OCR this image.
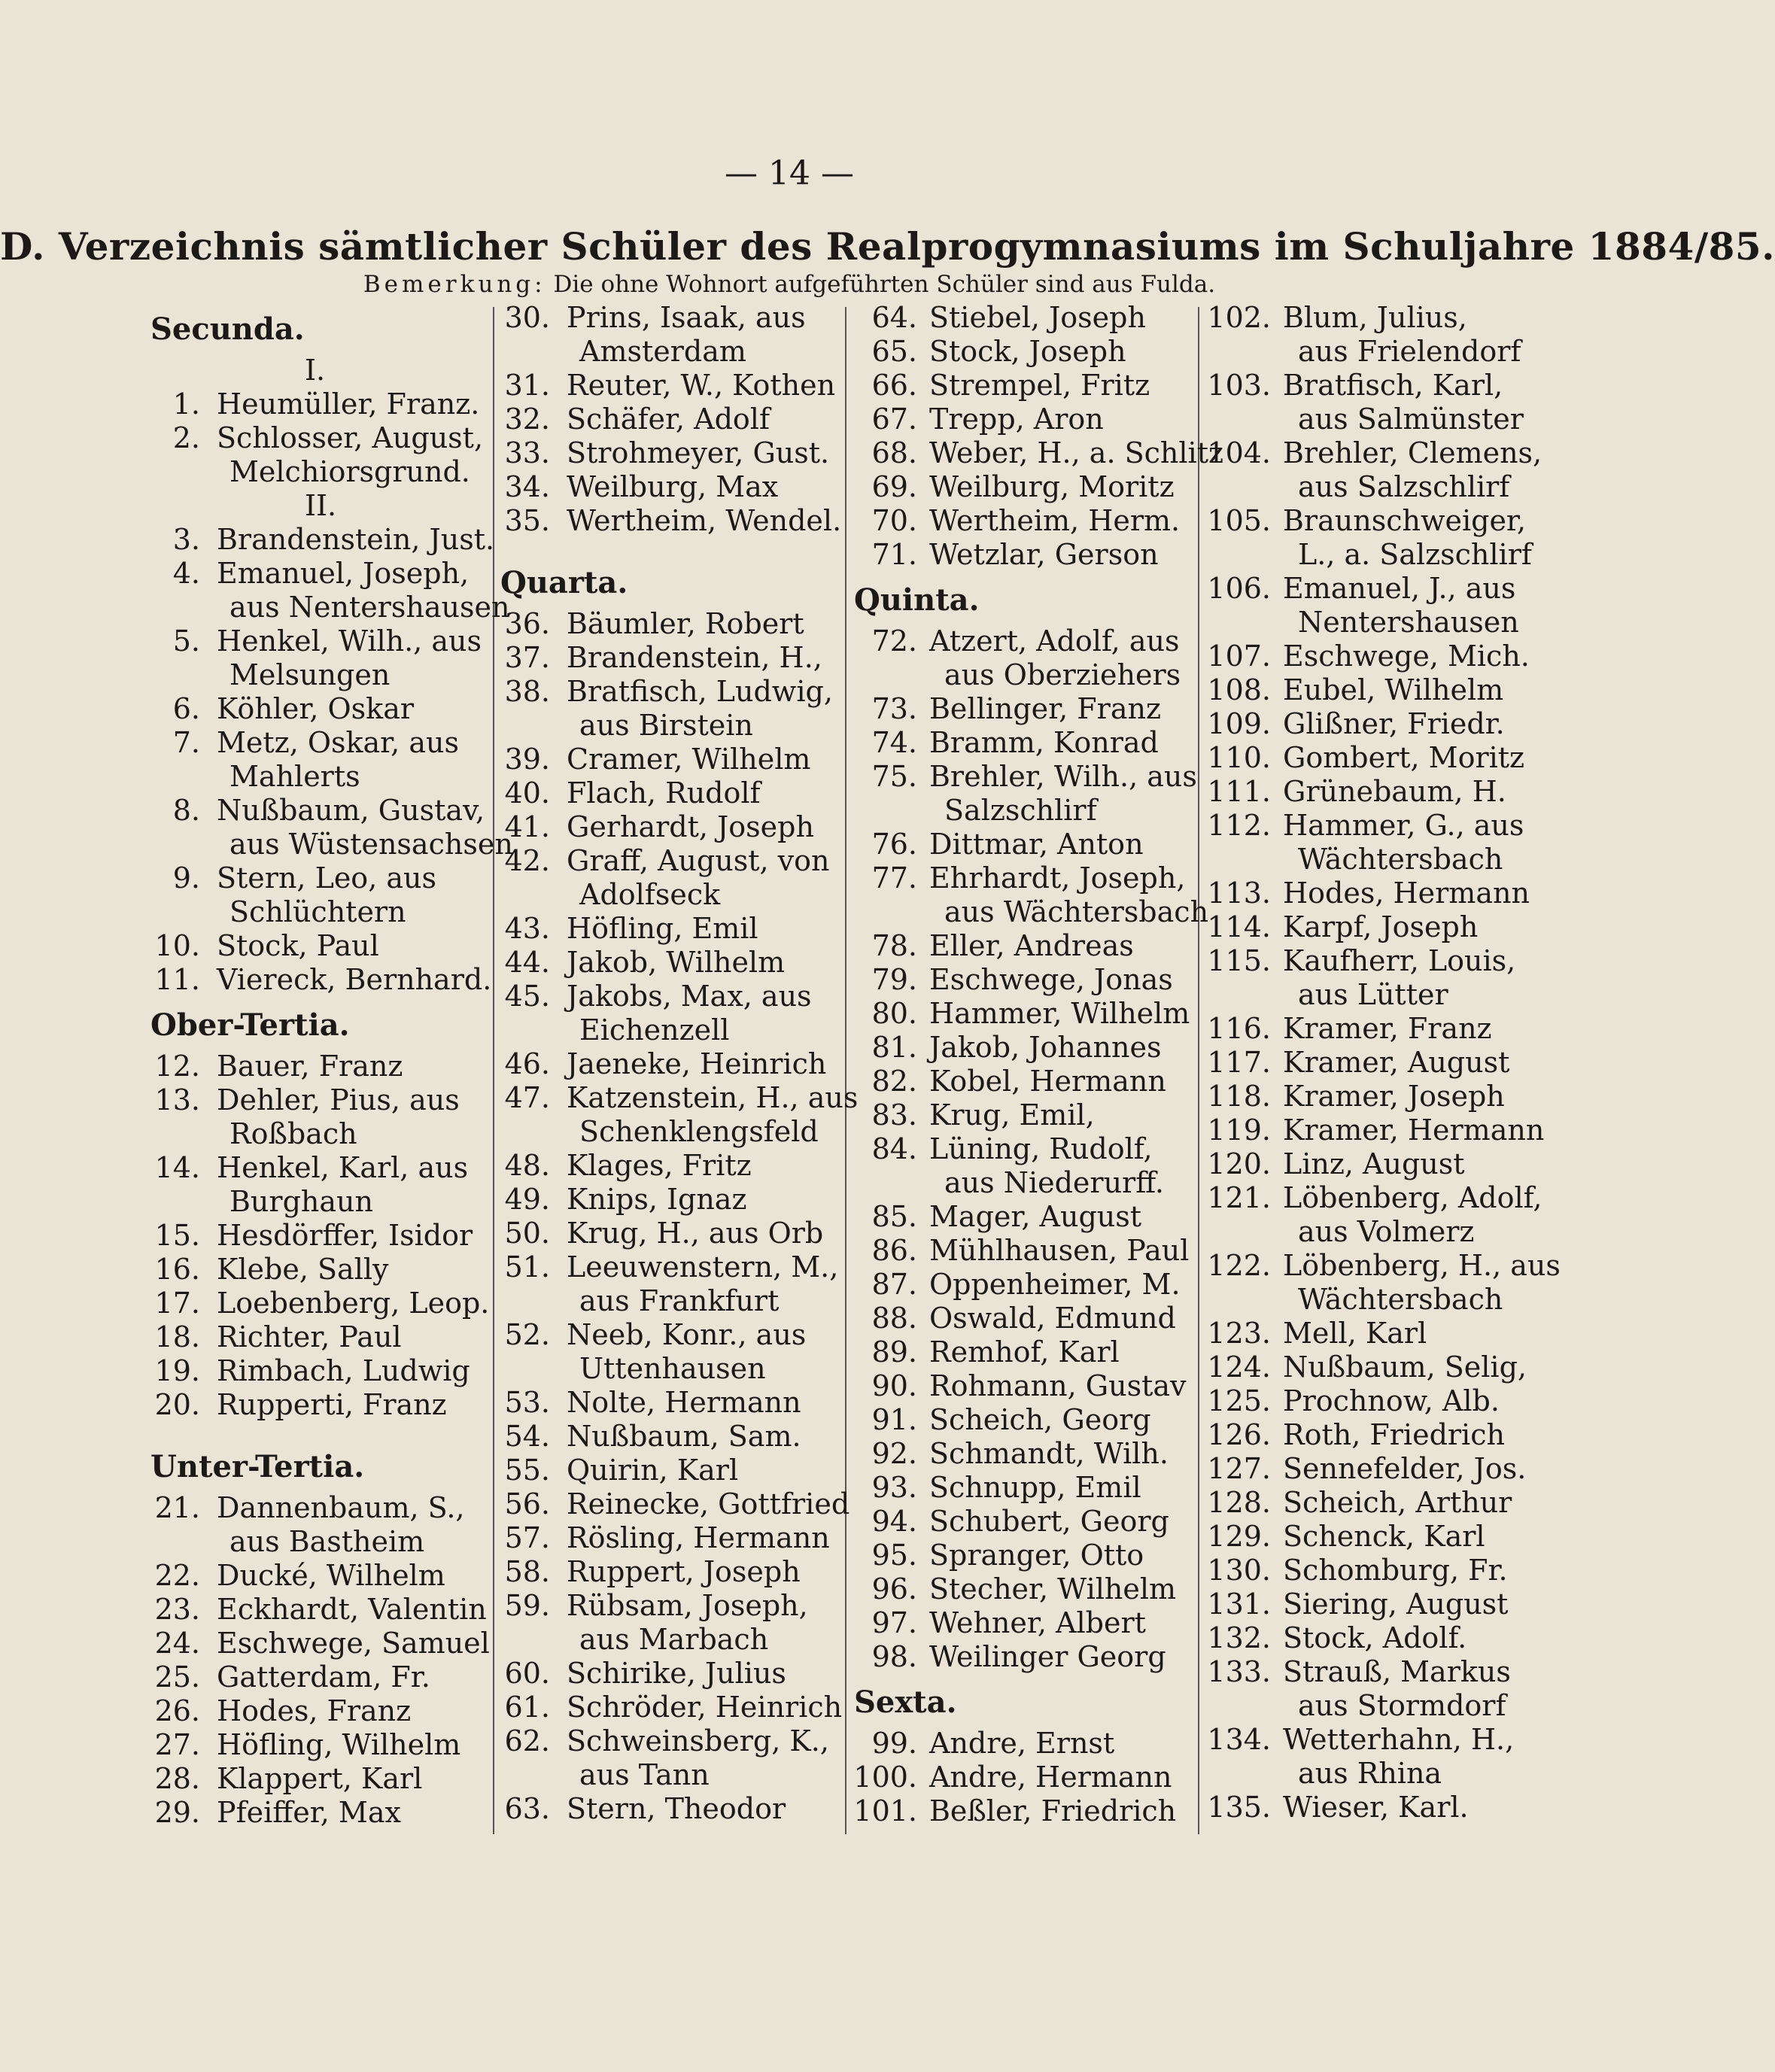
— 14 —
D. Verzeichnis sämtlicher Schüler des Realprogymnasiums im Schuljahre 1884/85.
Bemerkung: Die ohne Wohnort aufgeführten Schüler sind aus Fulda.
Secunda.
I.
1. Heumüller, Franz.
2. Schlosser, August,
Melchiorsgrund.
II.
3. Brandenstein, Just.
4. Emanuel, Joseph,
aus Nentershausen
5. Henkel, Wilh., aus
Melsungen
6. Köhler, Oskar
7. Metz, Oskar, aus
Mahlerts
8. Nußbaum, Gustav,
aus Wüstensachsen
9. Stern, Leo, aus
Schlüchtern
10. Stock, Paul
11. Viereck, Bernhard.
Ober-Tertia.
12. Bauer, Franz
13. Dehler, Pius, aus
Roßbach
14. Henkel, Karl, aus
Burghaun
15. Hesdörffer, Isidor
16. Klebe, Sally
17. Loebenberg, Leop.
18. Richter, Paul
19. Rimbach, Ludwig
20. Rupperti, Franz
Unter-Tertia.
21. Dannenbaum, S.,
aus Bastheim
22. Ducké, Wilhelm
23. Eckhardt, Valentin
24. Eschwege, Samuel
25. Gatterdam, Fr.
26. Hodes, Franz
27. Höfling, Wilhelm
28. Klappert, Karl
29. Pfeiffer, Max
30. Prins, Isaak, aus
Amsterdam
31. Reuter, W., Kothen
32. Schäfer, Adolf
33. Strohmeyer, Gust.
34. Weilburg, Max
35. Wertheim, Wendel.
Quarta.
36. Bäumler, Robert
37. Brandenstein, H.,
38. Bratfisch, Ludwig,
aus Birstein
39. Cramer, Wilhelm
40. Flach, Rudolf
41. Gerhardt, Joseph
42. Graff, August, von
Adolfseck
43. Höfling, Emil
44. Jakob, Wilhelm
45. Jakobs, Max, aus
Eichenzell
46. Jaeneke, Heinrich
47. Katzenstein, H., aus
Schenklengsfeld
48. Klages, Fritz
49. Knips, Ignaz
50. Krug, H., aus Orb
51. Leeuwenstern, M.,
aus Frankfurt
52. Neeb, Konr., aus
Uttenhausen
53. Nolte, Hermann
54. Nußbaum, Sam.
55. Quirin, Karl
56. Reinecke, Gottfried
57. Rösling, Hermann
58. Ruppert, Joseph
59. Rübsam, Joseph,
aus Marbach
60. Schirike, Julius
61. Schröder, Heinrich
62. Schweinsberg, K.,
aus Tann
63. Stern, Theodor
64. Stiebel, Joseph
65. Stock, Joseph
66. Strempel, Fritz
67. Trepp, Aron
68. Weber, H., a. Schlitz
69. Weilburg, Moritz
70. Wertheim, Herm.
71. Wetzlar, Gerson
Quinta.
72. Atzert, Adolf, aus
aus Oberziehers
73. Bellinger, Franz
74. Bramm, Konrad
75. Brehler, Wilh., aus
Salzschlirf
76. Dittmar, Anton
77. Ehrhardt, Joseph,
aus Wächtersbach
78. Eller, Andreas
79. Eschwege, Jonas
80. Hammer, Wilhelm
81. Jakob, Johannes
82. Kobel, Hermann
83. Krug, Emil,
84. Lüning, Rudolf,
aus Niederurff.
85. Mager, August
86. Mühlhausen, Paul
87. Oppenheimer, M.
88. Oswald, Edmund
89. Remhof, Karl
90. Rohmann, Gustav
91. Scheich, Georg
92. Schmandt, Wilh.
93. Schnupp, Emil
94. Schubert, Georg
95. Spranger, Otto
96. Stecher, Wilhelm
97. Wehner, Albert
98. Weilinger Georg
Sexta.
99. Andre, Ernst
100. Andre, Hermann
101. Beßler, Friedrich
102. Blum, Julius,
aus Frielendorf
103. Bratfisch, Karl,
aus Salmünster
104. Brehler, Clemens,
aus Salzschlirf
105. Braunschweiger,
L., a. Salzschlirf
106. Emanuel, J., aus
Nentershausen
107. Eschwege, Mich.
108. Eubel, Wilhelm
109. Glißner, Friedr.
110. Gombert, Moritz
111. Grünebaum, H.
112. Hammer, G., aus
Wächtersbach
113. Hodes, Hermann
114. Karpf, Joseph
115. Kaufherr, Louis,
aus Lütter
116. Kramer, Franz
117. Kramer, August
118. Kramer, Joseph
119. Kramer, Hermann
120. Linz, August
121. Löbenberg, Adolf,
aus Volmerz
122. Löbenberg, H., aus
Wächtersbach
123. Mell, Karl
124. Nußbaum, Selig,
125. Prochnow, Alb.
126. Roth, Friedrich
127. Sennefelder, Jos.
128. Scheich, Arthur
129. Schenck, Karl
130. Schomburg, Fr.
131. Siering, August
132. Stock, Adolf.
133. Strauß, Markus
aus Stormdorf
134. Wetterhahn, H.,
aus Rhina
135. Wieser, Karl.
